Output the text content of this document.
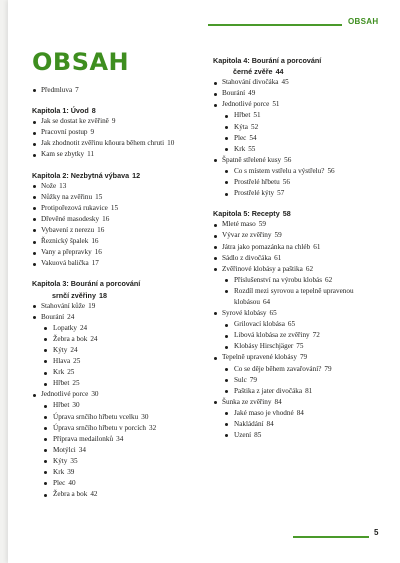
OBSAH
OBSAH
Předmluva 7
Kapitola 1: Úvod 8
Jak se dostat ke zvěřině 9
Pracovní postup 9
Jak zhodnotit zvěřinu kňoura během chruti 10
Kam se zbytky 11
Kapitola 2: Nezbytná výbava 12
Nože 13
Nůžky na zvěřinu 15
Protipořezová rukavice 15
Dřevěné masodesky 16
Vybavení z nerezu 16
Řeznický špalek 16
Vany a přepravky 16
Vakuová balička 17
Kapitola 3: Bourání a porcování
srnčí zvěřiny 18
Stahování kůže 19
Bourání 24
Lopatky 24
Žebra a bok 24
Kýty 24
Hlava 25
Krk 25
Hřbet 25
Jednotlivé porce 30
Hřbet 30
Úprava srnčího hřbetu vcelku 30
Úprava srnčího hřbetu v porcích 32
Příprava medailonků 34
Motýlci 34
Kýty 35
Krk 39
Plec 40
Žebra a bok 42
Kapitola 4: Bourání a porcování
černé zvěře 44
Stahování divočáka 45
Bourání 49
Jednotlivé porce 51
Hřbet 51
Kýta 52
Plec 54
Krk 55
Špatně střelené kusy 56
Co s místem vstřelu a výstřelu? 56
Prostřelé hřbetu 56
Prostřelé kýty 57
Kapitola 5: Recepty 58
Mleté maso 59
Vývar ze zvěřiny 59
Játra jako pomazánka na chléb 61
Sádlo z divočáka 61
Zvěřinové klobásy a paštika 62
Příslušenství na výrobu klobás 62
Rozdíl mezi syrovou a tepelně upravenou
klobásou 64
Syrové klobásy 65
Grilovací klobása 65
Libová klobása ze zvěřiny 72
Klobásy Hirschjäger 75
Tepelně upravené klobásy 79
Co se děje během zavařování? 79
Sulc 79
Paštika z jater divočáka 81
Šunka ze zvěřiny 84
Jaké maso je vhodné 84
Nakládání 84
Uzení 85
5
